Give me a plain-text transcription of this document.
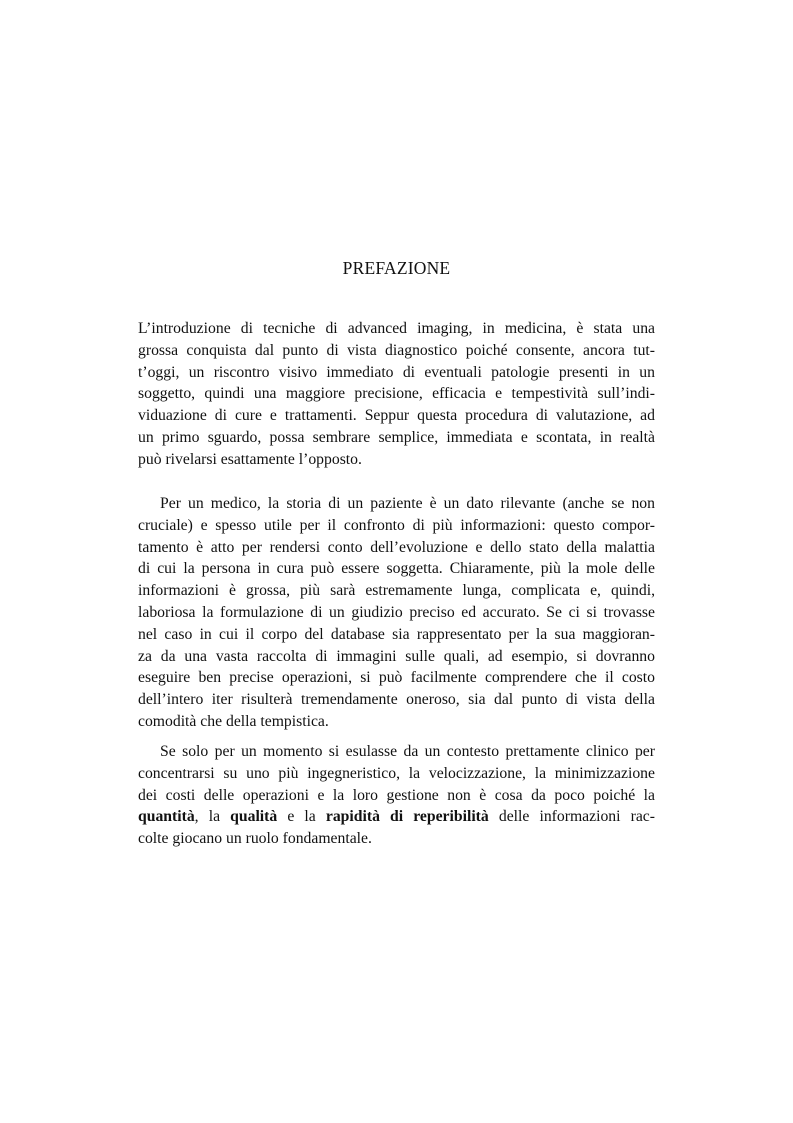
PREFAZIONE
L’introduzione di tecniche di advanced imaging, in medicina, è stata una
grossa conquista dal punto di vista diagnostico poiché consente, ancora tut-
t’oggi, un riscontro visivo immediato di eventuali patologie presenti in un
soggetto, quindi una maggiore precisione, efficacia e tempestività sull’indi-
viduazione di cure e trattamenti. Seppur questa procedura di valutazione, ad
un primo sguardo, possa sembrare semplice, immediata e scontata, in realtà
può rivelarsi esattamente l’opposto.
Per un medico, la storia di un paziente è un dato rilevante (anche se non
cruciale) e spesso utile per il confronto di più informazioni: questo compor-
tamento è atto per rendersi conto dell’evoluzione e dello stato della malattia
di cui la persona in cura può essere soggetta. Chiaramente, più la mole delle
informazioni è grossa, più sarà estremamente lunga, complicata e, quindi,
laboriosa la formulazione di un giudizio preciso ed accurato. Se ci si trovasse
nel caso in cui il corpo del database sia rappresentato per la sua maggioran-
za da una vasta raccolta di immagini sulle quali, ad esempio, si dovranno
eseguire ben precise operazioni, si può facilmente comprendere che il costo
dell’intero iter risulterà tremendamente oneroso, sia dal punto di vista della
comodità che della tempistica.
Se solo per un momento si esulasse da un contesto prettamente clinico per
concentrarsi su uno più ingegneristico, la velocizzazione, la minimizzazione
dei costi delle operazioni e la loro gestione non è cosa da poco poiché la
quantità, la qualità e la rapidità di reperibilità delle informazioni rac-
colte giocano un ruolo fondamentale.
